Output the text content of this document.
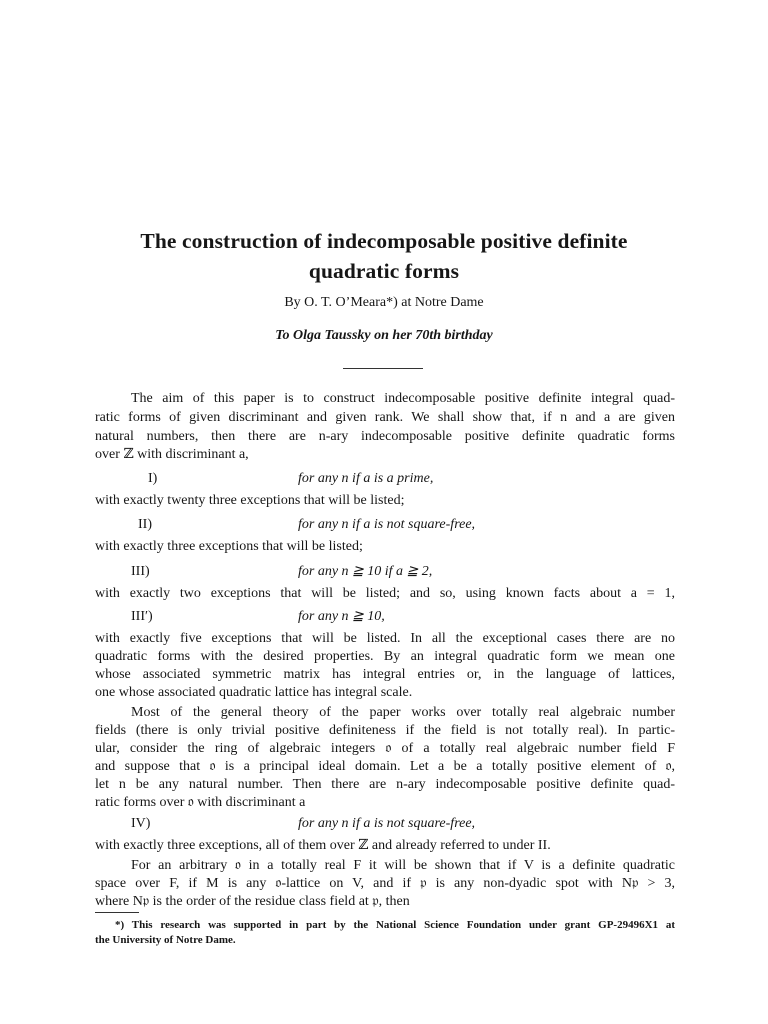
The construction of indecomposable positive definite
quadratic forms
By O. T. O’Meara*) at Notre Dame
To Olga Taussky on her 70th birthday
The aim of this paper is to construct indecomposable positive definite integral quad-
ratic forms of given discriminant and given rank. We shall show that, if n and a are given
natural numbers, then there are n-ary indecomposable positive definite quadratic forms
over ℤ with discriminant a,
I)	for any n if a is a prime,
with exactly twenty three exceptions that will be listed;
II)	for any n if a is not square-free,
with exactly three exceptions that will be listed;
III)	for any n ≧ 10 if a ≧ 2,
with exactly two exceptions that will be listed; and so, using known facts about a = 1,
III′)	for any n ≧ 10,
with exactly five exceptions that will be listed. In all the exceptional cases there are no
quadratic forms with the desired properties. By an integral quadratic form we mean one
whose associated symmetric matrix has integral entries or, in the language of lattices,
one whose associated quadratic lattice has integral scale.
Most of the general theory of the paper works over totally real algebraic number
fields (there is only trivial positive definiteness if the field is not totally real). In partic-
ular, consider the ring of algebraic integers 𝔬 of a totally real algebraic number field F
and suppose that 𝔬 is a principal ideal domain. Let a be a totally positive element of 𝔬,
let n be any natural number. Then there are n-ary indecomposable positive definite quad-
ratic forms over 𝔬 with discriminant a
IV)	for any n if a is not square-free,
with exactly three exceptions, all of them over ℤ and already referred to under II.
For an arbitrary 𝔬 in a totally real F it will be shown that if V is a definite quadratic
space over F, if M is any 𝔬-lattice on V, and if 𝔭 is any non-dyadic spot with N𝔭 > 3,
where N𝔭 is the order of the residue class field at 𝔭, then
*) This research was supported in part by the National Science Foundation under grant GP-29496X1 at
the University of Notre Dame.
